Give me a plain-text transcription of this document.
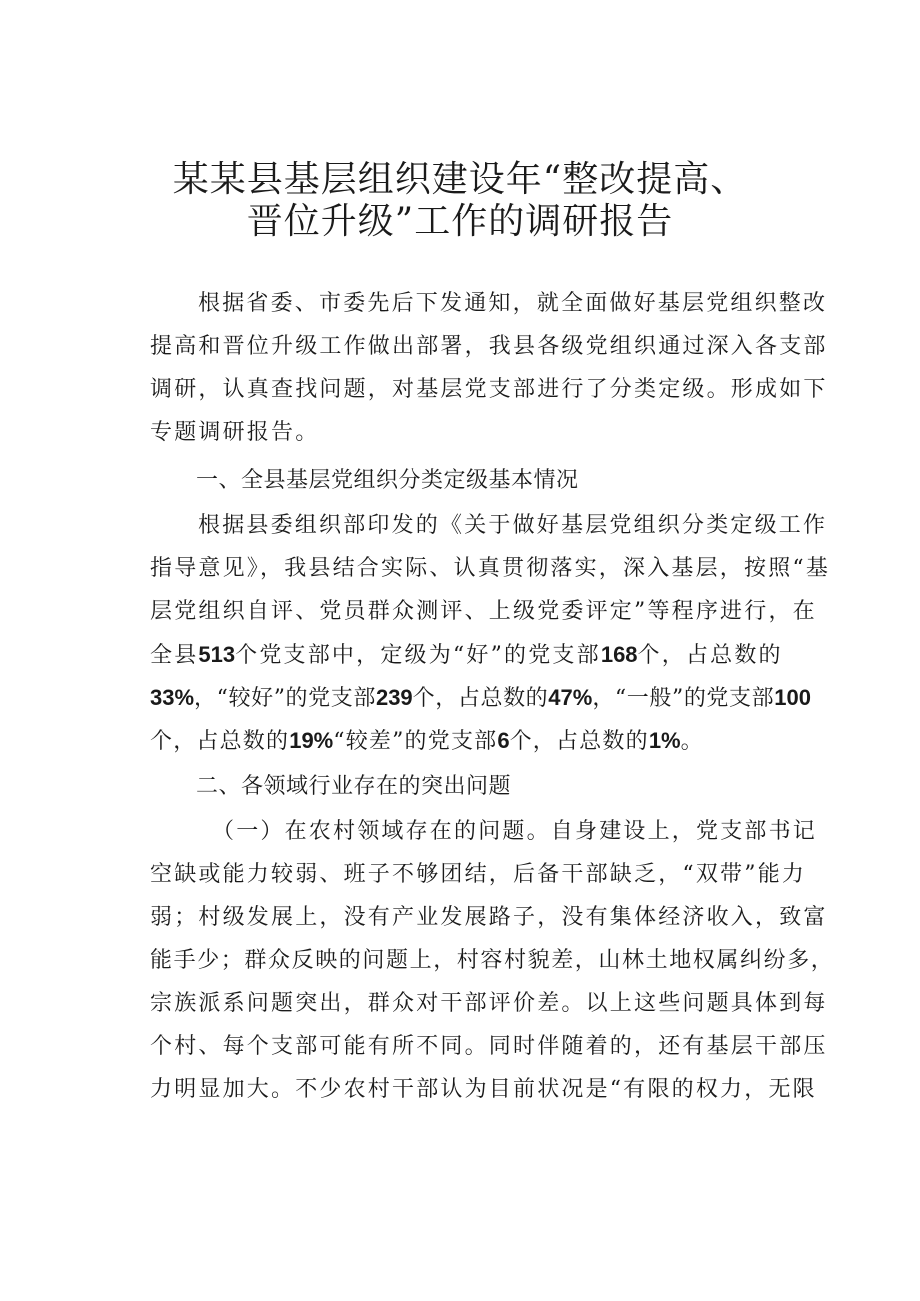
某某县基层组织建设年“整改提高、
晋位升级”工作的调研报告

根据省委、市委先后下发通知，就全面做好基层党组织整改

提高和晋位升级工作做出部署，我县各级党组织通过深入各支部

调研，认真查找问题，对基层党支部进行了分类定级。形成如下

专题调研报告。

一、全县基层党组织分类定级基本情况

根据县委组织部印发的《关于做好基层党组织分类定级工作

指导意见》，我县结合实际、认真贯彻落实，深入基层，按照“基

层党组织自评、党员群众测评、上级党委评定”等程序进行，在

全县513个党支部中，定级为“好”的党支部168个，占总数的

33%，“较好”的党支部239个，占总数的47%，“一般”的党支部100

个，占总数的19%“较差”的党支部6个，占总数的1%。

二、各领域行业存在的突出问题

（一）在农村领域存在的问题。自身建设上，党支部书记

空缺或能力较弱、班子不够团结，后备干部缺乏，“双带”能力

弱；村级发展上，没有产业发展路子，没有集体经济收入，致富

能手少；群众反映的问题上，村容村貌差，山林土地权属纠纷多，

宗族派系问题突出，群众对干部评价差。以上这些问题具体到每

个村、每个支部可能有所不同。同时伴随着的，还有基层干部压

力明显加大。不少农村干部认为目前状况是“有限的权力，无限
